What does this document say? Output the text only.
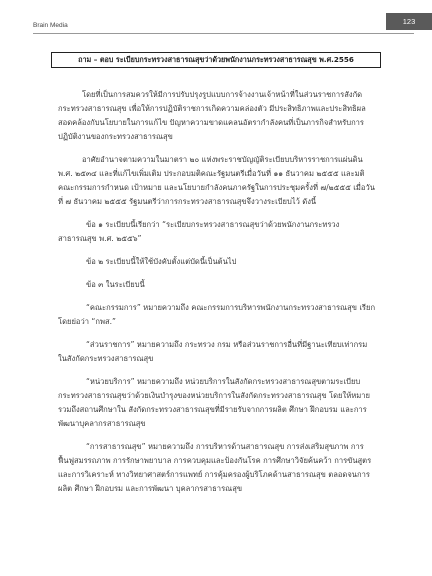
Brain Media	123
ถาม – ตอบ ระเบียบกระทรวงสาธารณสุขว่าด้วยพนักงานกระทรวงสาธารณสุข พ.ศ.2556

โดยที่เป็นการสมควรให้มีการปรับปรุงรูปแบบการจ้างงานเจ้าหน้าที่ในส่วนราชการสังกัดกระทรวงสาธารณสุข เพื่อให้การปฏิบัติราชการเกิดความคล่องตัว มีประสิทธิภาพและประสิทธิผลสอดคล้องกับนโยบายในการแก้ไข ปัญหาความขาดแคลนอัตรากำลังคนที่เป็นภารกิจสำหรับการปฏิบัติงานของกระทรวงสาธารณสุข

อาศัยอำนาจตามความในมาตรา ๒๐ แห่งพระราชบัญญัติระเบียบบริหารราชการแผ่นดิน พ.ศ. ๒๕๓๔ และที่แก้ไขเพิ่มเติม ประกอบมติคณะรัฐมนตรีเมื่อวันที่ ๑๑ ธันวาคม ๒๕๕๕ และมติคณะกรรมการกำหนด เป้าหมาย และนโยบายกำลังคนภาครัฐในการประชุมครั้งที่ ๗/๒๕๕๕ เมื่อวันที่ ๗ ธันวาคม ๒๕๕๕ รัฐมนตรีว่าการกระทรวงสาธารณสุขจึงวางระเบียบไว้ ดังนี้

ข้อ ๑ ระเบียบนี้เรียกว่า “ระเบียบกระทรวงสาธารณสุขว่าด้วยพนักงานกระทรวงสาธารณสุข พ.ศ. ๒๕๕๖”

ข้อ ๒ ระเบียบนี้ให้ใช้บังคับตั้งแต่บัดนี้เป็นต้นไป

ข้อ ๓ ในระเบียบนี้

“คณะกรรมการ” หมายความถึง คณะกรรมการบริหารพนักงานกระทรวงสาธารณสุข เรียกโดยย่อว่า “กพส.”

“ส่วนราชการ” หมายความถึง กระทรวง กรม หรือส่วนราชการอื่นที่มีฐานะเทียบเท่ากรมในสังกัดกระทรวงสาธารณสุข

“หน่วยบริการ” หมายความถึง หน่วยบริการในสังกัดกระทรวงสาธารณสุขตามระเบียบกระทรวงสาธารณสุขว่าด้วยเงินบำรุงของหน่วยบริการในสังกัดกระทรวงสาธารณสุข โดยให้หมายรวมถึงสถานศึกษาใน สังกัดกระทรวงสาธารณสุขที่มีรายรับจากการผลิต ศึกษา ฝึกอบรม และการพัฒนาบุคลากรสาธารณสุข

“การสาธารณสุข” หมายความถึง การบริหารด้านสาธารณสุข การส่งเสริมสุขภาพ การฟื้นฟูสมรรถภาพ การรักษาพยาบาล การควบคุมและป้องกันโรค การศึกษาวิจัยค้นคว้า การขันสูตรและการวิเคราะห์ ทางวิทยาศาสตร์การแพทย์ การคุ้มครองผู้บริโภคด้านสาธารณสุข ตลอดจนการผลิต ศึกษา ฝึกอบรม และการพัฒนา บุคลากรสาธารณสุข
